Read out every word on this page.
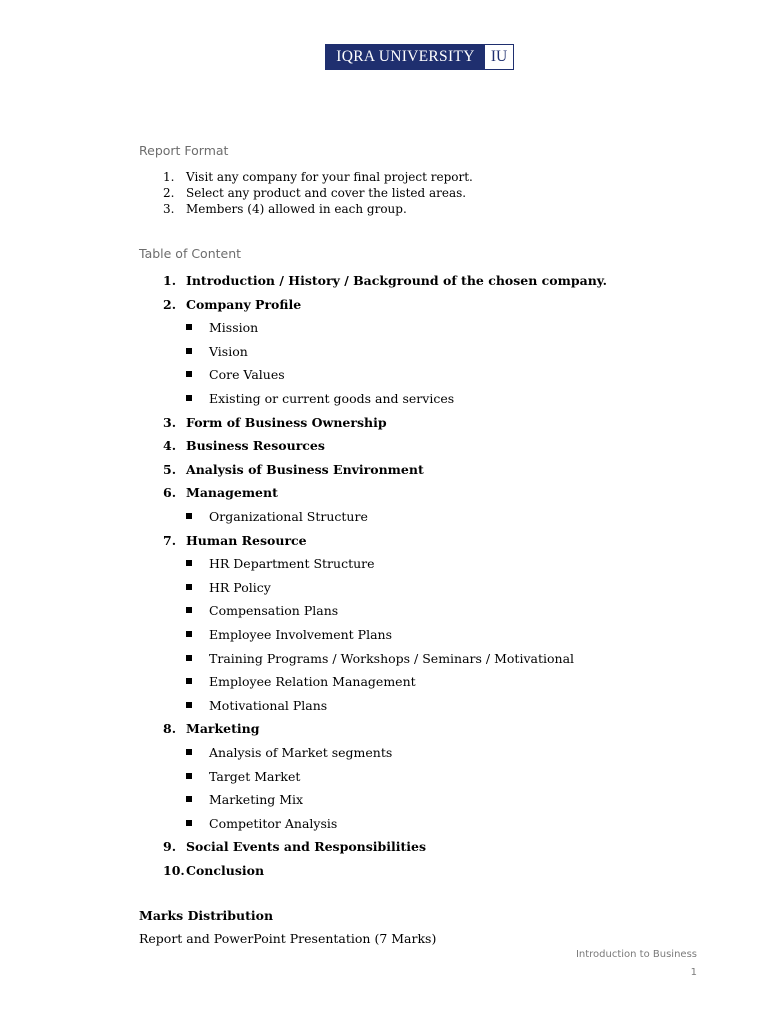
IQRA UNIVERSITY	IU
Report Format
1. Visit any company for your final project report.
2. Select any product and cover the listed areas.
3. Members (4) allowed in each group.
Table of Content
1. Introduction / History / Background of the chosen company.
2. Company Profile
Mission
Vision
Core Values
Existing or current goods and services
3. Form of Business Ownership
4. Business Resources
5. Analysis of Business Environment
6. Management
Organizational Structure
7. Human Resource
HR Department Structure
HR Policy
Compensation Plans
Employee Involvement Plans
Training Programs / Workshops / Seminars / Motivational
Employee Relation Management
Motivational Plans
8. Marketing
Analysis of Market segments
Target Market
Marketing Mix
Competitor Analysis
9. Social Events and Responsibilities
10.Conclusion
Marks Distribution
Report and PowerPoint Presentation (7 Marks)
Introduction to Business
1
